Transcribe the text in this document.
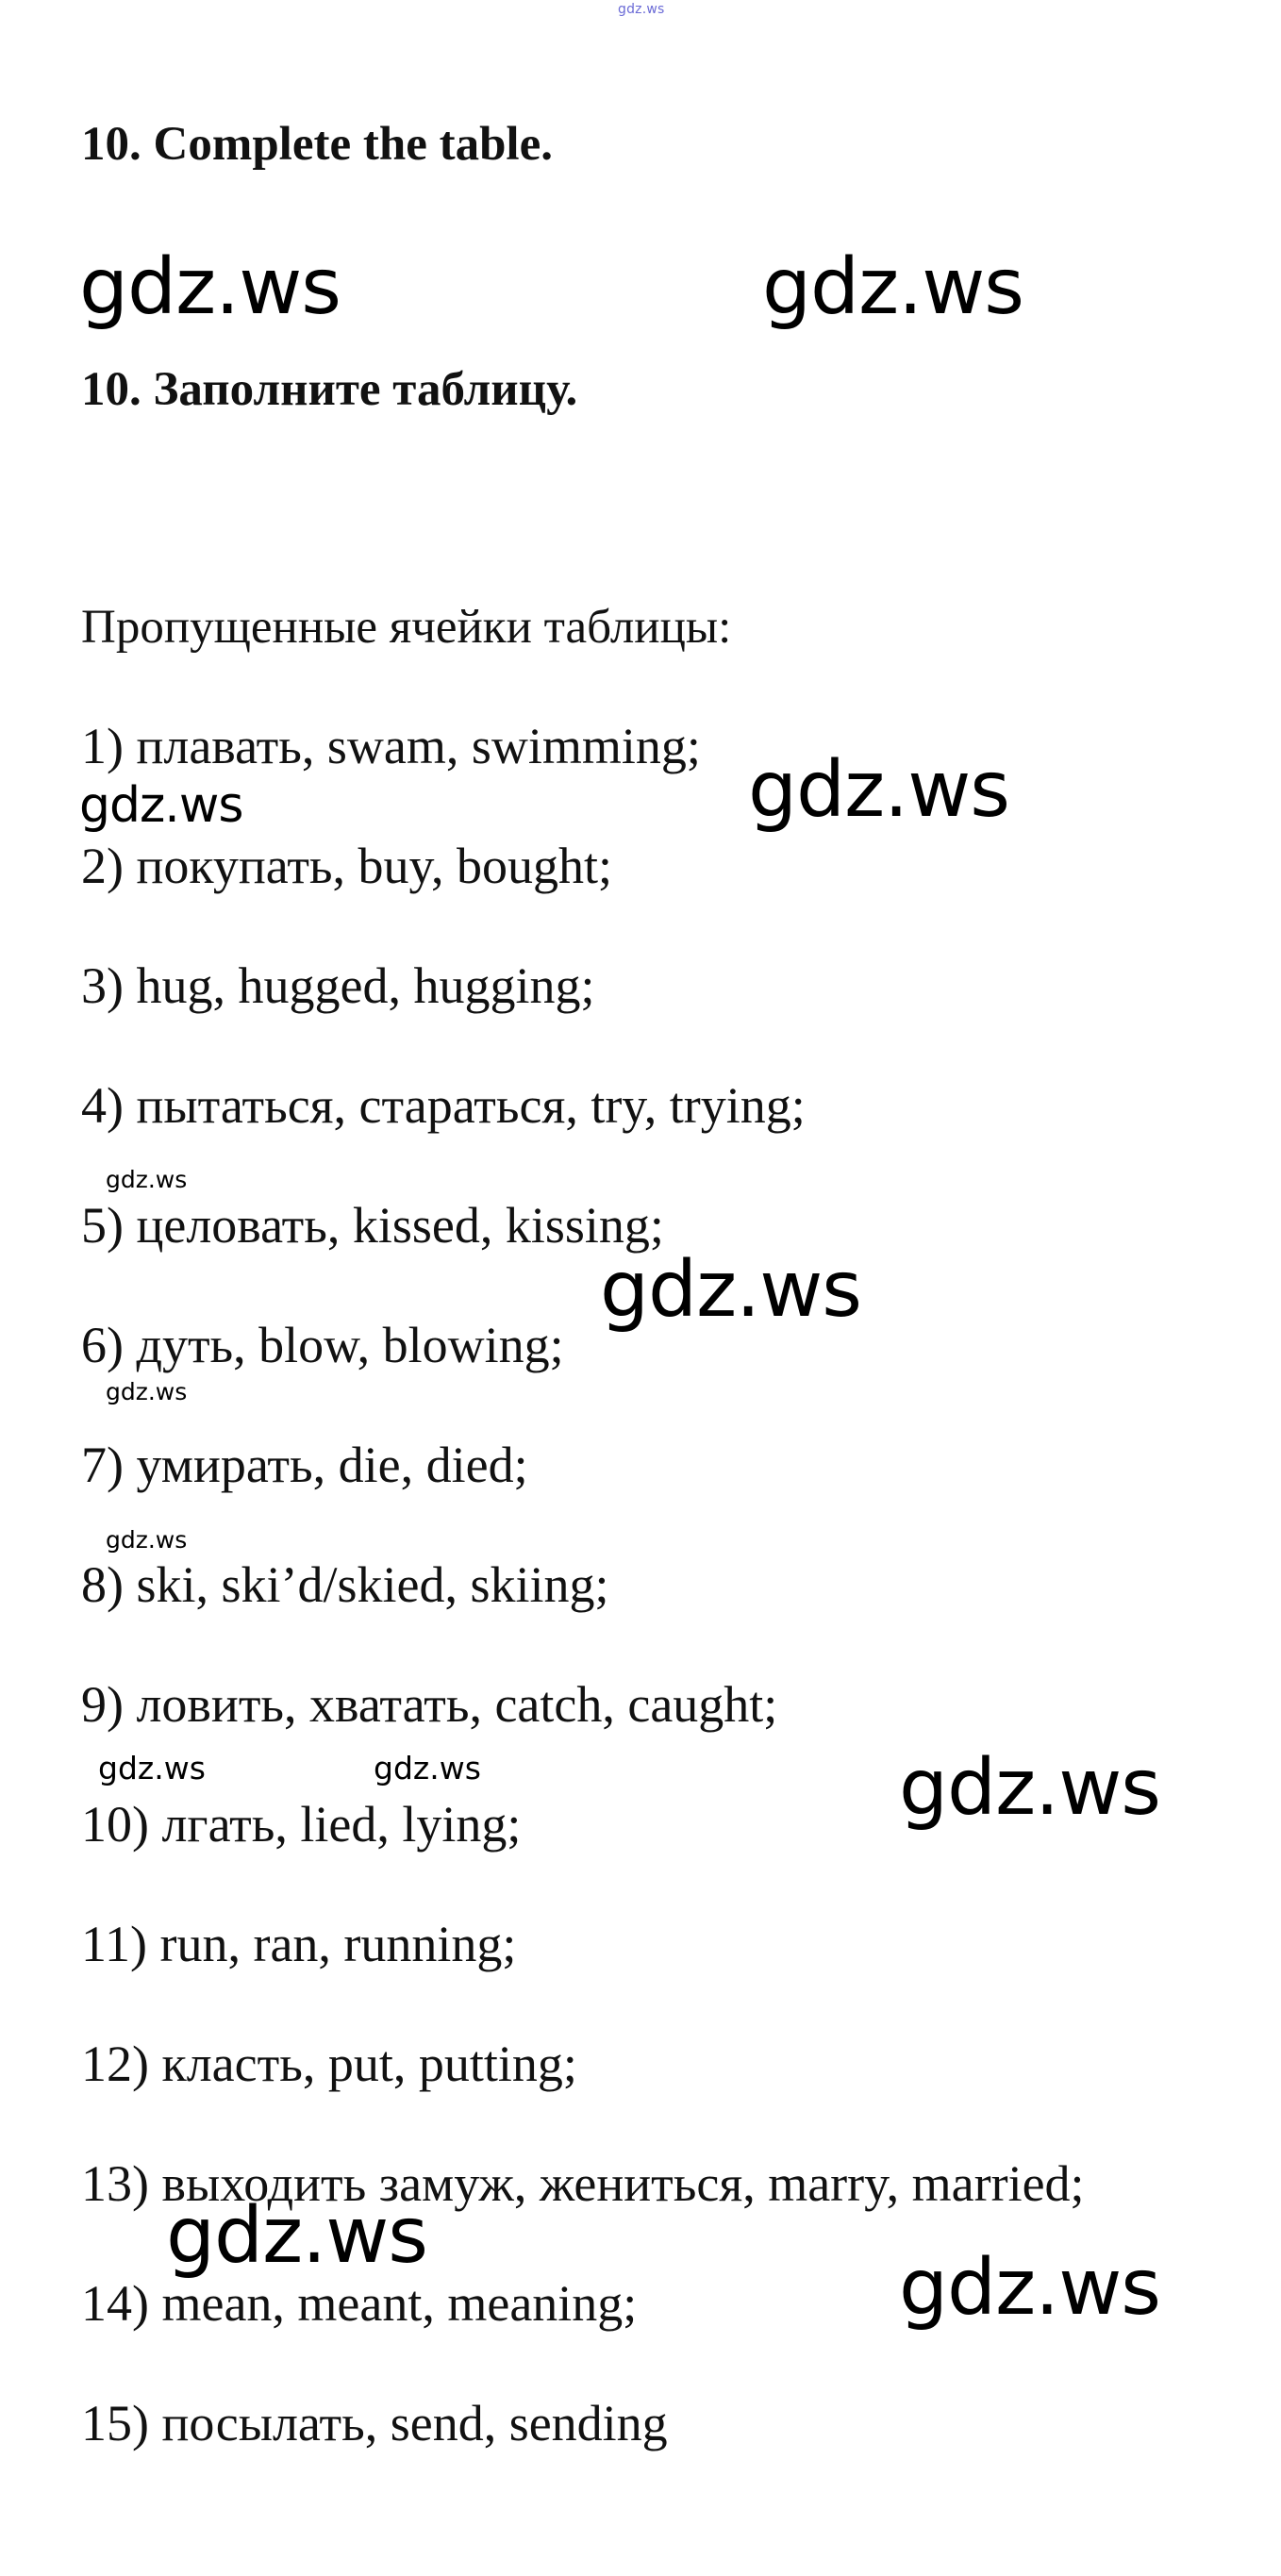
gdz.ws
10. Complete the table.
10. Заполните таблицу.
Пропущенные ячейки таблицы:
1) плавать, swam, swimming;
2) покупать, buy, bought;
3) hug, hugged, hugging;
4) пытаться, стараться, try, trying;
5) целовать, kissed, kissing;
6) дуть, blow, blowing;
7) умирать, die, died;
8) ski, ski’d/skied, skiing;
9) ловить, хватать, catch, caught;
10) лгать, lied, lying;
11) run, ran, running;
12) класть, put, putting;
13) выходить замуж, жениться, marry, married;
14) mean, meant, meaning;
15) посылать, send, sending
gdz.ws	gdz.ws
gdz.ws	gdz.ws
gdz.ws
gdz.ws
gdz.ws
gdz.ws
gdz.ws	gdz.ws	gdz.ws
gdz.ws
gdz.ws
